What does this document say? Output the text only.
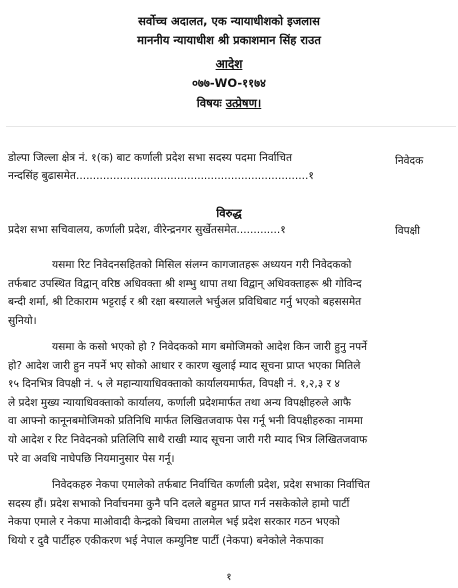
सर्वोच्च अदालत, एक न्यायाधीशको इजलास
माननीय न्यायाधीश श्री प्रकाशमान सिंह राउत
आदेश
०७७-WO-११७४
विषयः उत्प्रेषण।
डोल्पा जिल्ला क्षेत्र नं. १(क) बाट कर्णाली प्रदेश सभा सदस्य पदमा निर्वाचित
नन्दसिंह बुढासमेत.....................................................................१
निवेदक
विरुद्ध
प्रदेश सभा सचिवालय, कर्णाली प्रदेश, वीरेन्द्रनगर सुर्खेतसमेत.............१	विपक्षी
यसमा रिट निवेदनसहितको मिसिल संलग्न कागजातहरू अध्ययन गरी निवेदकको
तर्फबाट उपस्थित विद्वान् वरिष्ठ अधिवक्ता श्री शम्भु थापा तथा विद्वान् अधिवक्ताहरू श्री गोविन्द
बन्दी शर्मा, श्री टिकाराम भट्टराई र श्री रक्षा बस्यालले भर्चुअल प्रविधिबाट गर्नु भएको बहससमेत
सुनियो।
यसमा के कसो भएको हो ? निवेदकको माग बमोजिमको आदेश किन जारी हुनु नपर्ने
हो? आदेश जारी हुन नपर्ने भए सोको आधार र कारण खुलाई म्याद सूचना प्राप्त भएका मितिले
१५ दिनभित्र विपक्षी नं. ५ ले महान्यायाधिवक्ताको कार्यालयमार्फत, विपक्षी नं. १,२,३ र ४
ले प्रदेश मुख्य न्यायाधिवक्ताको कार्यालय, कर्णाली प्रदेशमार्फत तथा अन्य विपक्षीहरुले आफै
वा आफ्नो कानूनबमोजिमको प्रतिनिधि मार्फत लिखितजवाफ पेस गर्नू भनी विपक्षीहरुका नाममा
यो आदेश र रिट निवेदनको प्रतिलिपि साथै राखी म्याद सूचना जारी गरी म्याद भित्र लिखितजवाफ
परे वा अवधि नाघेपछि नियमानुसार पेस गर्नू।
निवेदकहरु नेकपा एमालेको तर्फबाट निर्वाचित कर्णाली प्रदेश, प्रदेश सभाका निर्वाचित
सदस्य हौं। प्रदेश सभाको निर्वाचनमा कुनै पनि दलले बहुमत प्राप्त गर्न नसकेकोले हामो पार्टी
नेकपा एमाले र नेकपा माओवादी केन्द्रको बिचमा तालमेल भई प्रदेश सरकार गठन भएको
थियो र दुवै पार्टीहरु एकीकरण भई नेपाल कम्युनिष्ट पार्टी (नेकपा) बनेकोले नेकपाका
१
